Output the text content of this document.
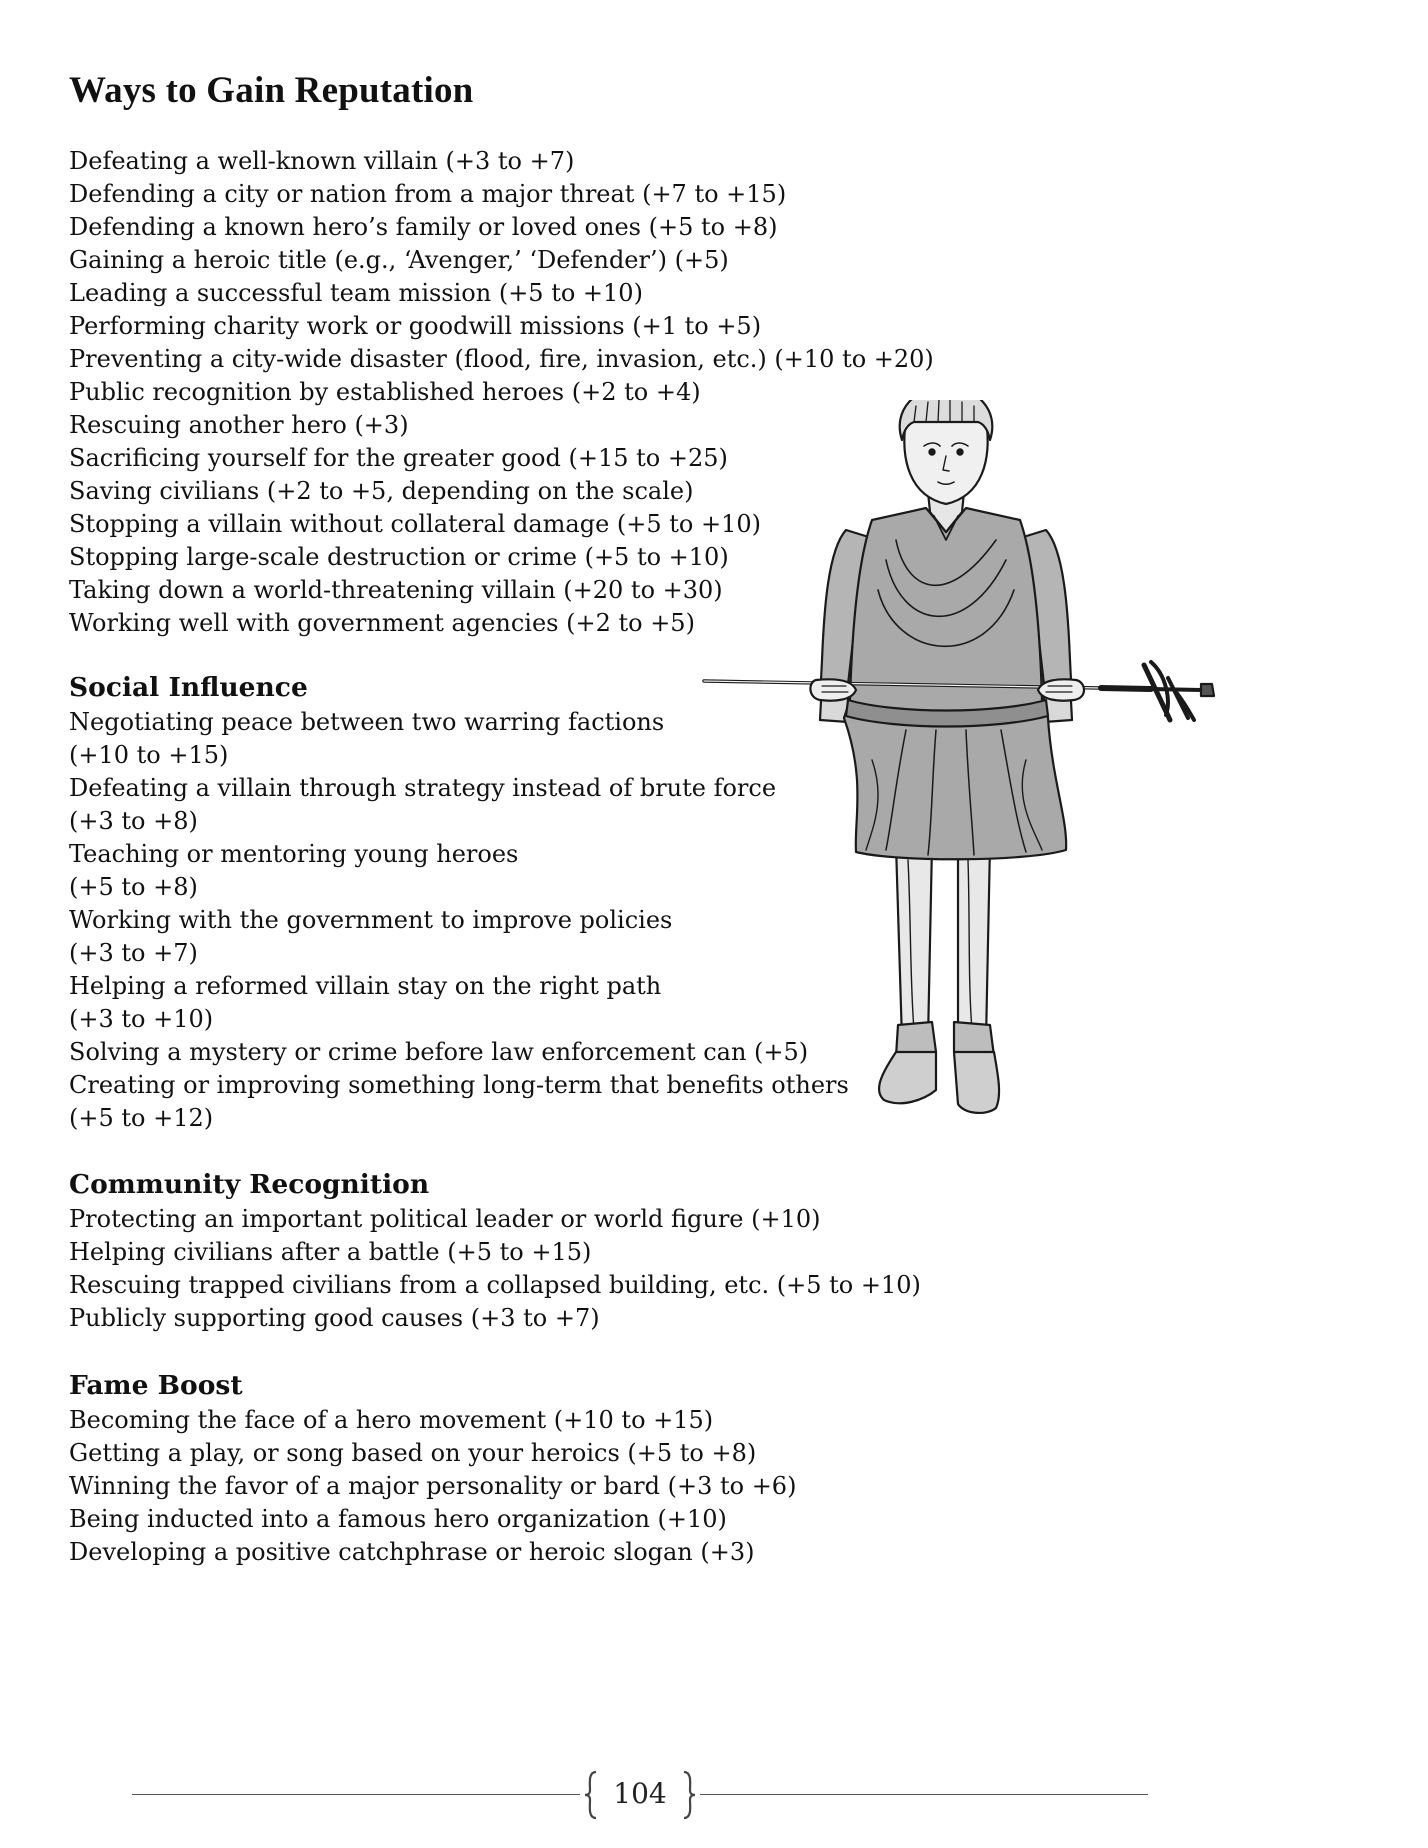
Ways to Gain Reputation
Defeating a well-known villain (+3 to +7)
Defending a city or nation from a major threat (+7 to +15)
Defending a known hero’s family or loved ones (+5 to +8)
Gaining a heroic title (e.g., ‘Avenger,’ ‘Defender’) (+5)
Leading a successful team mission (+5 to +10)
Performing charity work or goodwill missions (+1 to +5)
Preventing a city-wide disaster (flood, fire, invasion, etc.) (+10 to +20)
Public recognition by established heroes (+2 to +4)
Rescuing another hero (+3)
Sacrificing yourself for the greater good (+15 to +25)
Saving civilians (+2 to +5, depending on the scale)
Stopping a villain without collateral damage (+5 to +10)
Stopping large-scale destruction or crime (+5 to +10)
Taking down a world-threatening villain (+20 to +30)
Working well with government agencies (+2 to +5)
Social Influence
Negotiating peace between two warring factions
(+10 to +15)
Defeating a villain through strategy instead of brute force
(+3 to +8)
Teaching or mentoring young heroes
(+5 to +8)
Working with the government to improve policies
(+3 to +7)
Helping a reformed villain stay on the right path
(+3 to +10)
Solving a mystery or crime before law enforcement can (+5)
Creating or improving something long-term that benefits others
(+5 to +12)
Community Recognition
Protecting an important political leader or world figure (+10)
Helping civilians after a battle (+5 to +15)
Rescuing trapped civilians from a collapsed building, etc. (+5 to +10)
Publicly supporting good causes (+3 to +7)
Fame Boost
Becoming the face of a hero movement (+10 to +15)
Getting a play, or song based on your heroics (+5 to +8)
Winning the favor of a major personality or bard (+3 to +6)
Being inducted into a famous hero organization (+10)
Developing a positive catchphrase or heroic slogan (+3)
104
